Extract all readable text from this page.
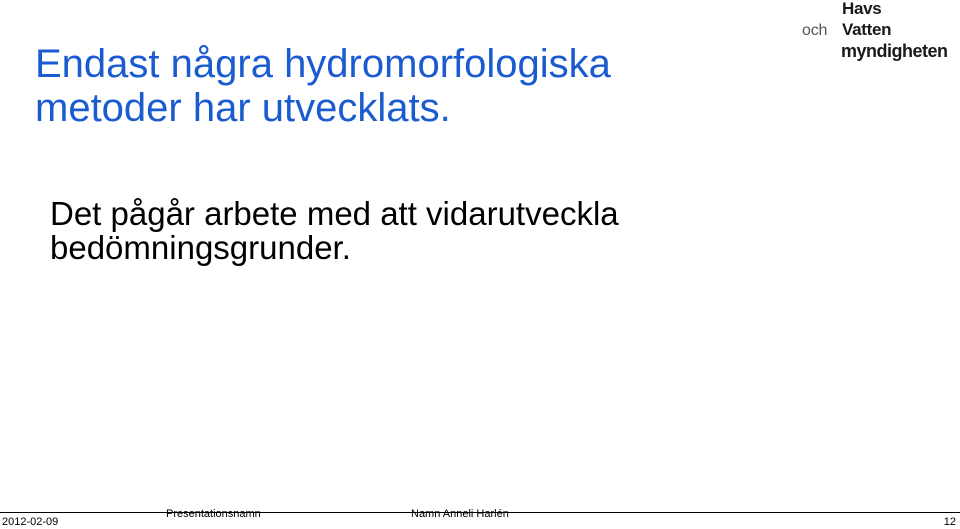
Endast några hydromorfologiska
metoder har utvecklats.
Havs
och Vatten
myndigheten
Det pågår arbete med att vidarutveckla
bedömningsgrunder.
2012-02-09
Presentationsnamn	Namn Anneli Harlén
12
